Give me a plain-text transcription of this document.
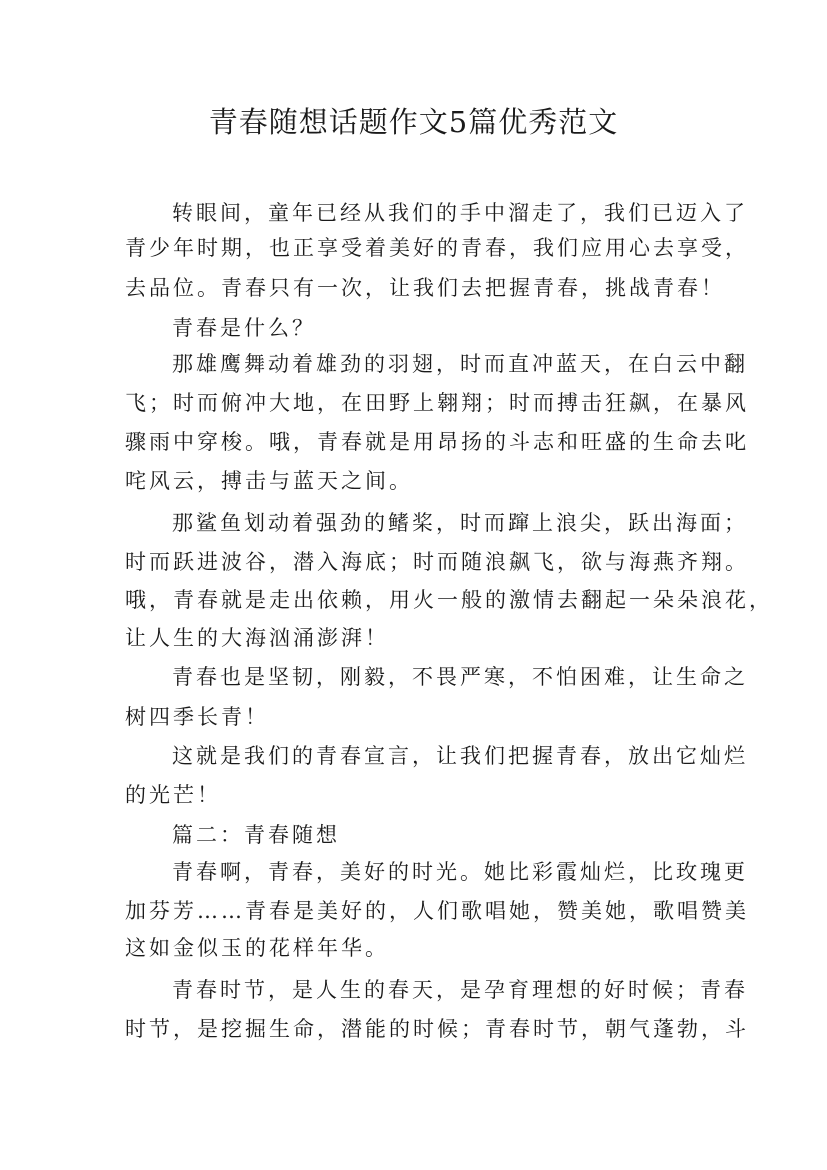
青春随想话题作文5篇优秀范文

转眼间，童年已经从我们的手中溜走了，我们已迈入了

青少年时期，也正享受着美好的青春，我们应用心去享受，

去品位。青春只有一次，让我们去把握青春，挑战青春！

青春是什么？

那雄鹰舞动着雄劲的羽翅，时而直冲蓝天，在白云中翻

飞；时而俯冲大地，在田野上翱翔；时而搏击狂飙，在暴风

骤雨中穿梭。哦，青春就是用昂扬的斗志和旺盛的生命去叱

咤风云，搏击与蓝天之间。

那鲨鱼划动着强劲的鳍桨，时而蹿上浪尖，跃出海面；

时而跃进波谷，潜入海底；时而随浪飙飞，欲与海燕齐翔。

哦，青春就是走出依赖，用火一般的激情去翻起一朵朵浪花，

让人生的大海汹涌澎湃！

青春也是坚韧，刚毅，不畏严寒，不怕困难，让生命之

树四季长青！

这就是我们的青春宣言，让我们把握青春，放出它灿烂

的光芒！

篇二：青春随想

青春啊，青春，美好的时光。她比彩霞灿烂，比玫瑰更

加芬芳……青春是美好的，人们歌唱她，赞美她，歌唱赞美

这如金似玉的花样年华。

青春时节，是人生的春天，是孕育理想的好时候；青春

时节，是挖掘生命，潜能的时候；青春时节，朝气蓬勃，斗
